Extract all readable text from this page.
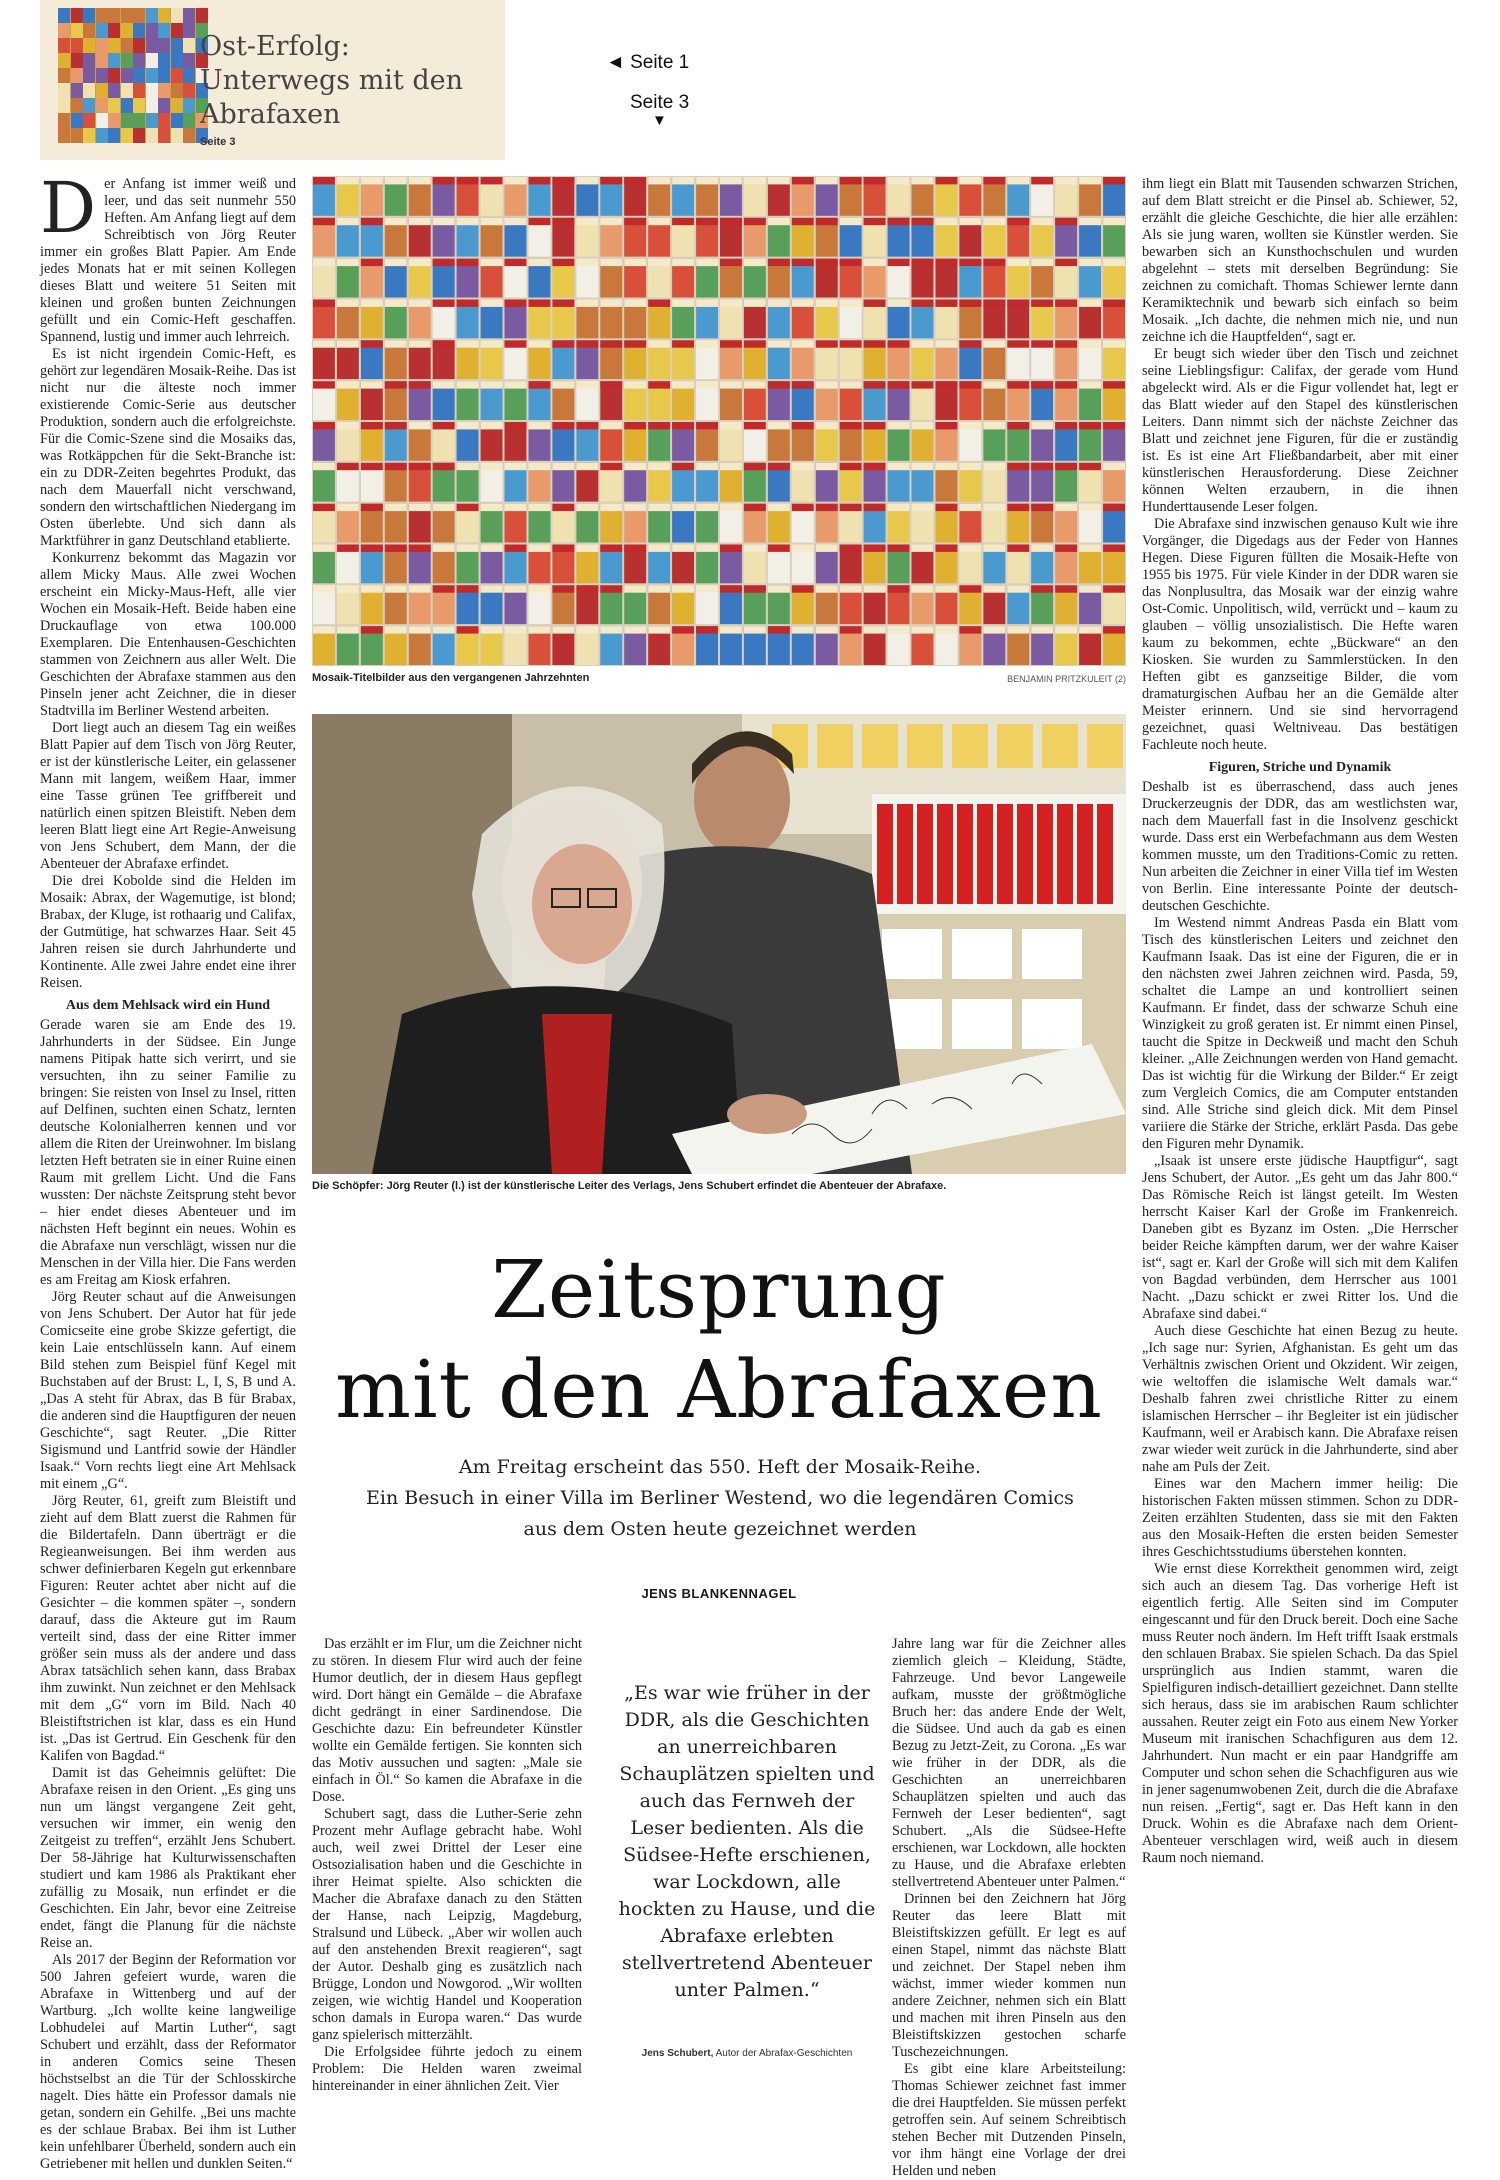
Ost-Erfolg: Unterwegs mit den Abrafaxen
Seite 3
◄ Seite 1
Seite 3
▼

Der Anfang ist immer weiß und leer, und das seit nunmehr 550 Heften. Am Anfang liegt auf dem Schreibtisch von Jörg Reuter immer ein großes Blatt Papier. Am Ende jedes Monats hat er mit seinen Kollegen dieses Blatt und weitere 51 Seiten mit kleinen und großen bunten Zeichnungen gefüllt und ein Comic-Heft geschaffen. Spannend, lustig und immer auch lehrreich.

Es ist nicht irgendein Comic-Heft, es gehört zur legendären Mosaik-Reihe. Das ist nicht nur die älteste noch immer existierende Comic-Serie aus deutscher Produktion, sondern auch die erfolgreichste. Für die Comic-Szene sind die Mosaiks das, was Rotkäppchen für die Sekt-Branche ist: ein zu DDR-Zeiten begehrtes Produkt, das nach dem Mauerfall nicht verschwand, sondern den wirtschaftlichen Niedergang im Osten überlebte. Und sich dann als Marktführer in ganz Deutschland etablierte.

Konkurrenz bekommt das Magazin vor allem Micky Maus. Alle zwei Wochen erscheint ein Micky-Maus-Heft, alle vier Wochen ein Mosaik-Heft. Beide haben eine Druckauflage von etwa 100.000 Exemplaren. Die Entenhausen-Geschichten stammen von Zeichnern aus aller Welt. Die Geschichten der Abrafaxe stammen aus den Pinseln jener acht Zeichner, die in dieser Stadtvilla im Berliner Westend arbeiten.

Dort liegt auch an diesem Tag ein weißes Blatt Papier auf dem Tisch von Jörg Reuter, er ist der künstlerische Leiter, ein gelassener Mann mit langem, weißem Haar, immer eine Tasse grünen Tee griffbereit und natürlich einen spitzen Bleistift. Neben dem leeren Blatt liegt eine Art Regie-Anweisung von Jens Schubert, dem Mann, der die Abenteuer der Abrafaxe erfindet.

Die drei Kobolde sind die Helden im Mosaik: Abrax, der Wagemutige, ist blond; Brabax, der Kluge, ist rothaarig und Califax, der Gutmütige, hat schwarzes Haar. Seit 45 Jahren reisen sie durch Jahrhunderte und Kontinente. Alle zwei Jahre endet eine ihrer Reisen.

Aus dem Mehlsack wird ein Hund

Gerade waren sie am Ende des 19. Jahrhunderts in der Südsee. Ein Junge namens Pitipak hatte sich verirrt, und sie versuchten, ihn zu seiner Familie zu bringen: Sie reisten von Insel zu Insel, ritten auf Delfinen, suchten einen Schatz, lernten deutsche Kolonialherren kennen und vor allem die Riten der Ureinwohner. Im bislang letzten Heft betraten sie in einer Ruine einen Raum mit grellem Licht. Und die Fans wussten: Der nächste Zeitsprung steht bevor – hier endet dieses Abenteuer und im nächsten Heft beginnt ein neues. Wohin es die Abrafaxe nun verschlägt, wissen nur die Menschen in der Villa hier. Die Fans werden es am Freitag am Kiosk erfahren.

Jörg Reuter schaut auf die Anweisungen von Jens Schubert. Der Autor hat für jede Comicseite eine grobe Skizze gefertigt, die kein Laie entschlüsseln kann. Auf einem Bild stehen zum Beispiel fünf Kegel mit Buchstaben auf der Brust: L, I, S, B und A. „Das A steht für Abrax, das B für Brabax, die anderen sind die Hauptfiguren der neuen Geschichte“, sagt Reuter. „Die Ritter Sigismund und Lantfrid sowie der Händler Isaak.“ Vorn rechts liegt eine Art Mehlsack mit einem „G“.

Jörg Reuter, 61, greift zum Bleistift und zieht auf dem Blatt zuerst die Rahmen für die Bildertafeln. Dann überträgt er die Regieanweisungen. Bei ihm werden aus schwer definierbaren Kegeln gut erkennbare Figuren: Reuter achtet aber nicht auf die Gesichter – die kommen später –, sondern darauf, dass die Akteure gut im Raum verteilt sind, dass der eine Ritter immer größer sein muss als der andere und dass Abrax tatsächlich sehen kann, dass Brabax ihm zuwinkt. Nun zeichnet er den Mehlsack mit dem „G“ vorn im Bild. Nach 40 Bleistiftstrichen ist klar, dass es ein Hund ist. „Das ist Gertrud. Ein Geschenk für den Kalifen von Bagdad.“

Damit ist das Geheimnis gelüftet: Die Abrafaxe reisen in den Orient. „Es ging uns nun um längst vergangene Zeit geht, versuchen wir immer, ein wenig den Zeitgeist zu treffen“, erzählt Jens Schubert. Der 58-Jährige hat Kulturwissenschaften studiert und kam 1986 als Praktikant eher zufällig zu Mosaik, nun erfindet er die Geschichten. Ein Jahr, bevor eine Zeitreise endet, fängt die Planung für die nächste Reise an.

Als 2017 der Beginn der Reformation vor 500 Jahren gefeiert wurde, waren die Abrafaxe in Wittenberg und auf der Wartburg. „Ich wollte keine langweilige Lobhudelei auf Martin Luther“, sagt Schubert und erzählt, dass der Reformator in anderen Comics seine Thesen höchstselbst an die Tür der Schlosskirche nagelt. Dies hätte ein Professor damals nie getan, sondern ein Gehilfe. „Bei uns machte es der schlaue Brabax. Bei ihm ist Luther kein unfehlbarer Überheld, sondern auch ein Getriebener mit hellen und dunklen Seiten.“

Mosaik-Titelbilder aus den vergangenen Jahrzehnten	BENJAMIN PRITZKULEIT (2)
Die Schöpfer: Jörg Reuter (l.) ist der künstlerische Leiter des Verlags, Jens Schubert erfindet die Abenteuer der Abrafaxe.
Zeitsprung
mit den Abrafaxen
Am Freitag erscheint das 550. Heft der Mosaik-Reihe.
Ein Besuch in einer Villa im Berliner Westend, wo die legendären Comics
aus dem Osten heute gezeichnet werden
JENS BLANKENNAGEL

Das erzählt er im Flur, um die Zeichner nicht zu stören. In diesem Flur wird auch der feine Humor deutlich, der in diesem Haus gepflegt wird. Dort hängt ein Gemälde – die Abrafaxe dicht gedrängt in einer Sardinendose. Die Geschichte dazu: Ein befreundeter Künstler wollte ein Gemälde fertigen. Sie konnten sich das Motiv aussuchen und sagten: „Male sie einfach in Öl.“ So kamen die Abrafaxe in die Dose.

Schubert sagt, dass die Luther-Serie zehn Prozent mehr Auflage gebracht habe. Wohl auch, weil zwei Drittel der Leser eine Ostsozialisation haben und die Geschichte in ihrer Heimat spielte. Also schickten die Macher die Abrafaxe danach zu den Stätten der Hanse, nach Leipzig, Magdeburg, Stralsund und Lübeck. „Aber wir wollen auch auf den anstehenden Brexit reagieren“, sagt der Autor. Deshalb ging es zusätzlich nach Brügge, London und Nowgorod. „Wir wollten zeigen, wie wichtig Handel und Kooperation schon damals in Europa waren.“ Das wurde ganz spielerisch mitterzählt.

Die Erfolgsidee führte jedoch zu einem Problem: Die Helden waren zweimal hintereinander in einer ähnlichen Zeit. Vier

„Es war wie früher in der DDR, als die Geschichten an unerreichbaren Schauplätzen spielten und auch das Fernweh der Leser bedienten. Als die Südsee-Hefte erschienen, war Lockdown, alle hockten zu Hause, und die Abrafaxe erlebten stellvertretend Abenteuer unter Palmen.“
Jens Schubert, Autor der Abrafax-Geschichten

Jahre lang war für die Zeichner alles ziemlich gleich – Kleidung, Städte, Fahrzeuge. Und bevor Langeweile aufkam, musste der größtmögliche Bruch her: das andere Ende der Welt, die Südsee. Und auch da gab es einen Bezug zu Jetzt-Zeit, zu Corona. „Es war wie früher in der DDR, als die Geschichten an unerreichbaren Schauplätzen spielten und auch das Fernweh der Leser bedienten“, sagt Schubert. „Als die Südsee-Hefte erschienen, war Lockdown, alle hockten zu Hause, und die Abrafaxe erlebten stellvertretend Abenteuer unter Palmen.“

Drinnen bei den Zeichnern hat Jörg Reuter das leere Blatt mit Bleistiftskizzen gefüllt. Er legt es auf einen Stapel, nimmt das nächste Blatt und zeichnet. Der Stapel neben ihm wächst, immer wieder kommen nun andere Zeichner, nehmen sich ein Blatt und machen mit ihren Pinseln aus den Bleistiftskizzen gestochen scharfe Tuschezeichnungen.

Es gibt eine klare Arbeitsteilung: Thomas Schiewer zeichnet fast immer die drei Hauptfelden. Sie müssen perfekt getroffen sein. Auf seinem Schreibtisch stehen Becher mit Dutzenden Pinseln, vor ihm hängt eine Vorlage der drei Helden und neben

ihm liegt ein Blatt mit Tausenden schwarzen Strichen, auf dem Blatt streicht er die Pinsel ab. Schiewer, 52, erzählt die gleiche Geschichte, die hier alle erzählen: Als sie jung waren, wollten sie Künstler werden. Sie bewarben sich an Kunsthochschulen und wurden abgelehnt – stets mit derselben Begründung: Sie zeichnen zu comichaft. Thomas Schiewer lernte dann Keramiktechnik und bewarb sich einfach so beim Mosaik. „Ich dachte, die nehmen mich nie, und nun zeichne ich die Hauptfelden“, sagt er.

Er beugt sich wieder über den Tisch und zeichnet seine Lieblingsfigur: Califax, der gerade vom Hund abgeleckt wird. Als er die Figur vollendet hat, legt er das Blatt wieder auf den Stapel des künstlerischen Leiters. Dann nimmt sich der nächste Zeichner das Blatt und zeichnet jene Figuren, für die er zuständig ist. Es ist eine Art Fließbandarbeit, aber mit einer künstlerischen Herausforderung. Diese Zeichner können Welten erzaubern, in die ihnen Hunderttausende Leser folgen.

Die Abrafaxe sind inzwischen genauso Kult wie ihre Vorgänger, die Digedags aus der Feder von Hannes Hegen. Diese Figuren füllten die Mosaik-Hefte von 1955 bis 1975. Für viele Kinder in der DDR waren sie das Nonplusultra, das Mosaik war der einzig wahre Ost-Comic. Unpolitisch, wild, verrückt und – kaum zu glauben – völlig unsozialistisch. Die Hefte waren kaum zu bekommen, echte „Bückware“ an den Kiosken. Sie wurden zu Sammlerstücken. In den Heften gibt es ganzseitige Bilder, die vom dramaturgischen Aufbau her an die Gemälde alter Meister erinnern. Und sie sind hervorragend gezeichnet, quasi Weltniveau. Das bestätigen Fachleute noch heute.

Figuren, Striche und Dynamik

Deshalb ist es überraschend, dass auch jenes Druckerzeugnis der DDR, das am westlichsten war, nach dem Mauerfall fast in die Insolvenz geschickt wurde. Dass erst ein Werbefachmann aus dem Westen kommen musste, um den Traditions-Comic zu retten. Nun arbeiten die Zeichner in einer Villa tief im Westen von Berlin. Eine interessante Pointe der deutsch-deutschen Geschichte.

Im Westend nimmt Andreas Pasda ein Blatt vom Tisch des künstlerischen Leiters und zeichnet den Kaufmann Isaak. Das ist eine der Figuren, die er in den nächsten zwei Jahren zeichnen wird. Pasda, 59, schaltet die Lampe an und kontrolliert seinen Kaufmann. Er findet, dass der schwarze Schuh eine Winzigkeit zu groß geraten ist. Er nimmt einen Pinsel, taucht die Spitze in Deckweiß und macht den Schuh kleiner. „Alle Zeichnungen werden von Hand gemacht. Das ist wichtig für die Wirkung der Bilder.“ Er zeigt zum Vergleich Comics, die am Computer entstanden sind. Alle Striche sind gleich dick. Mit dem Pinsel variiere die Stärke der Striche, erklärt Pasda. Das gebe den Figuren mehr Dynamik.

„Isaak ist unsere erste jüdische Hauptfigur“, sagt Jens Schubert, der Autor. „Es geht um das Jahr 800.“ Das Römische Reich ist längst geteilt. Im Westen herrscht Kaiser Karl der Große im Frankenreich. Daneben gibt es Byzanz im Osten. „Die Herrscher beider Reiche kämpften darum, wer der wahre Kaiser ist“, sagt er. Karl der Große will sich mit dem Kalifen von Bagdad verbünden, dem Herrscher aus 1001 Nacht. „Dazu schickt er zwei Ritter los. Und die Abrafaxe sind dabei.“

Auch diese Geschichte hat einen Bezug zu heute. „Ich sage nur: Syrien, Afghanistan. Es geht um das Verhältnis zwischen Orient und Okzident. Wir zeigen, wie weltoffen die islamische Welt damals war.“ Deshalb fahren zwei christliche Ritter zu einem islamischen Herrscher – ihr Begleiter ist ein jüdischer Kaufmann, weil er Arabisch kann. Die Abrafaxe reisen zwar wieder weit zurück in die Jahrhunderte, sind aber nahe am Puls der Zeit.

Eines war den Machern immer heilig: Die historischen Fakten müssen stimmen. Schon zu DDR-Zeiten erzählten Studenten, dass sie mit den Fakten aus den Mosaik-Heften die ersten beiden Semester ihres Geschichtsstudiums überstehen konnten.

Wie ernst diese Korrektheit genommen wird, zeigt sich auch an diesem Tag. Das vorherige Heft ist eigentlich fertig. Alle Seiten sind im Computer eingescannt und für den Druck bereit. Doch eine Sache muss Reuter noch ändern. Im Heft trifft Isaak erstmals den schlauen Brabax. Sie spielen Schach. Da das Spiel ursprünglich aus Indien stammt, waren die Spielfiguren indisch-detailliert gezeichnet. Dann stellte sich heraus, dass sie im arabischen Raum schlichter aussahen. Reuter zeigt ein Foto aus einem New Yorker Museum mit iranischen Schachfiguren aus dem 12. Jahrhundert. Nun macht er ein paar Handgriffe am Computer und schon sehen die Schachfiguren aus wie in jener sagenumwobenen Zeit, durch die die Abrafaxe nun reisen. „Fertig“, sagt er. Das Heft kann in den Druck. Wohin es die Abrafaxe nach dem Orient-Abenteuer verschlagen wird, weiß auch in diesem Raum noch niemand.
